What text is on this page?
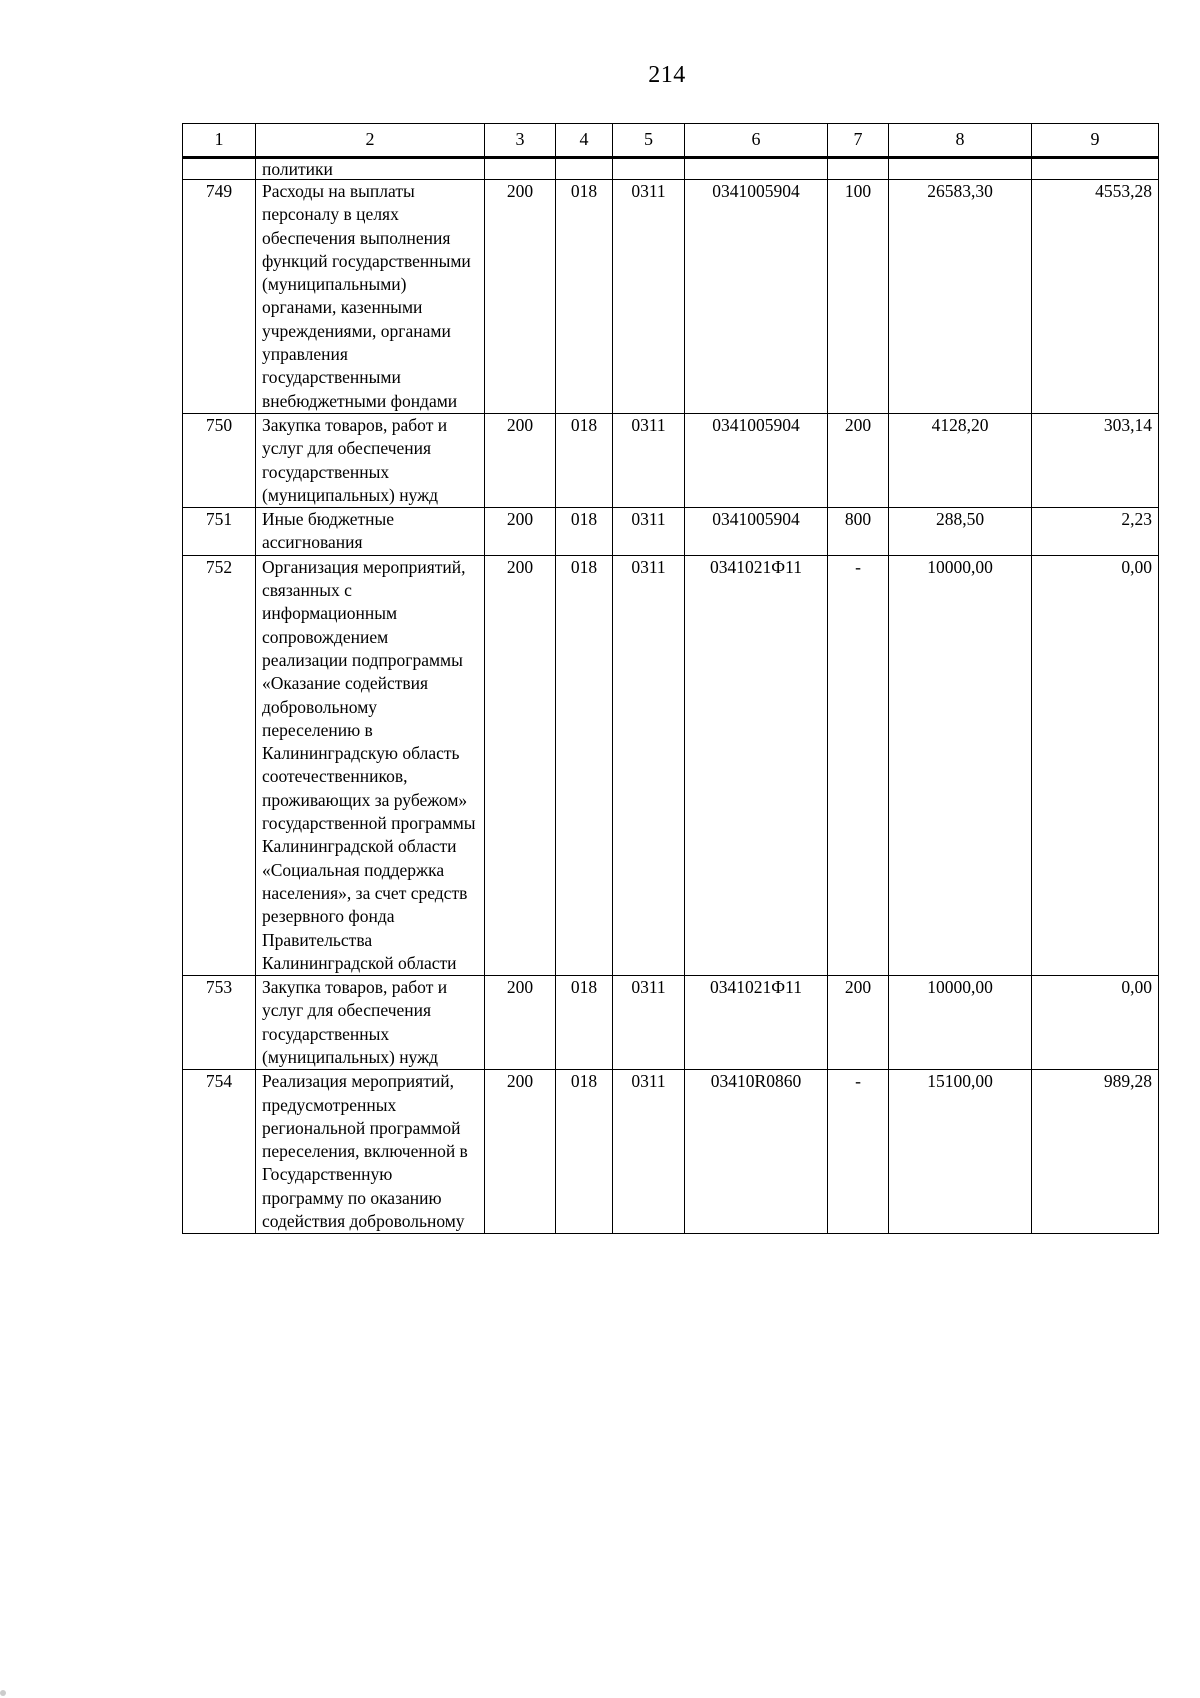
214
1	2	3	4	5	6	7	8	9
	политики							
749	Расходы на выплаты персоналу в целях обеспечения выполнения функций государственными (муниципальными) органами, казенными учреждениями, органами управления государственными внебюджетными фондами	200	018	0311	0341005904	100	26583,30	4553,28
750	Закупка товаров, работ и услуг для обеспечения государственных (муниципальных) нужд	200	018	0311	0341005904	200	4128,20	303,14
751	Иные бюджетные ассигнования	200	018	0311	0341005904	800	288,50	2,23
752	Организация мероприятий, связанных с информационным сопровождением реализации подпрограммы «Оказание содействия добровольному переселению в Калининградскую область соотечественников, проживающих за рубежом» государственной программы Калининградской области «Социальная поддержка населения», за счет средств резервного фонда Правительства Калининградской области	200	018	0311	0341021Ф11	-	10000,00	0,00
753	Закупка товаров, работ и услуг для обеспечения государственных (муниципальных) нужд	200	018	0311	0341021Ф11	200	10000,00	0,00
754	Реализация мероприятий, предусмотренных региональной программой переселения, включенной в Государственную программу по оказанию содействия добровольному	200	018	0311	03410R0860	-	15100,00	989,28
